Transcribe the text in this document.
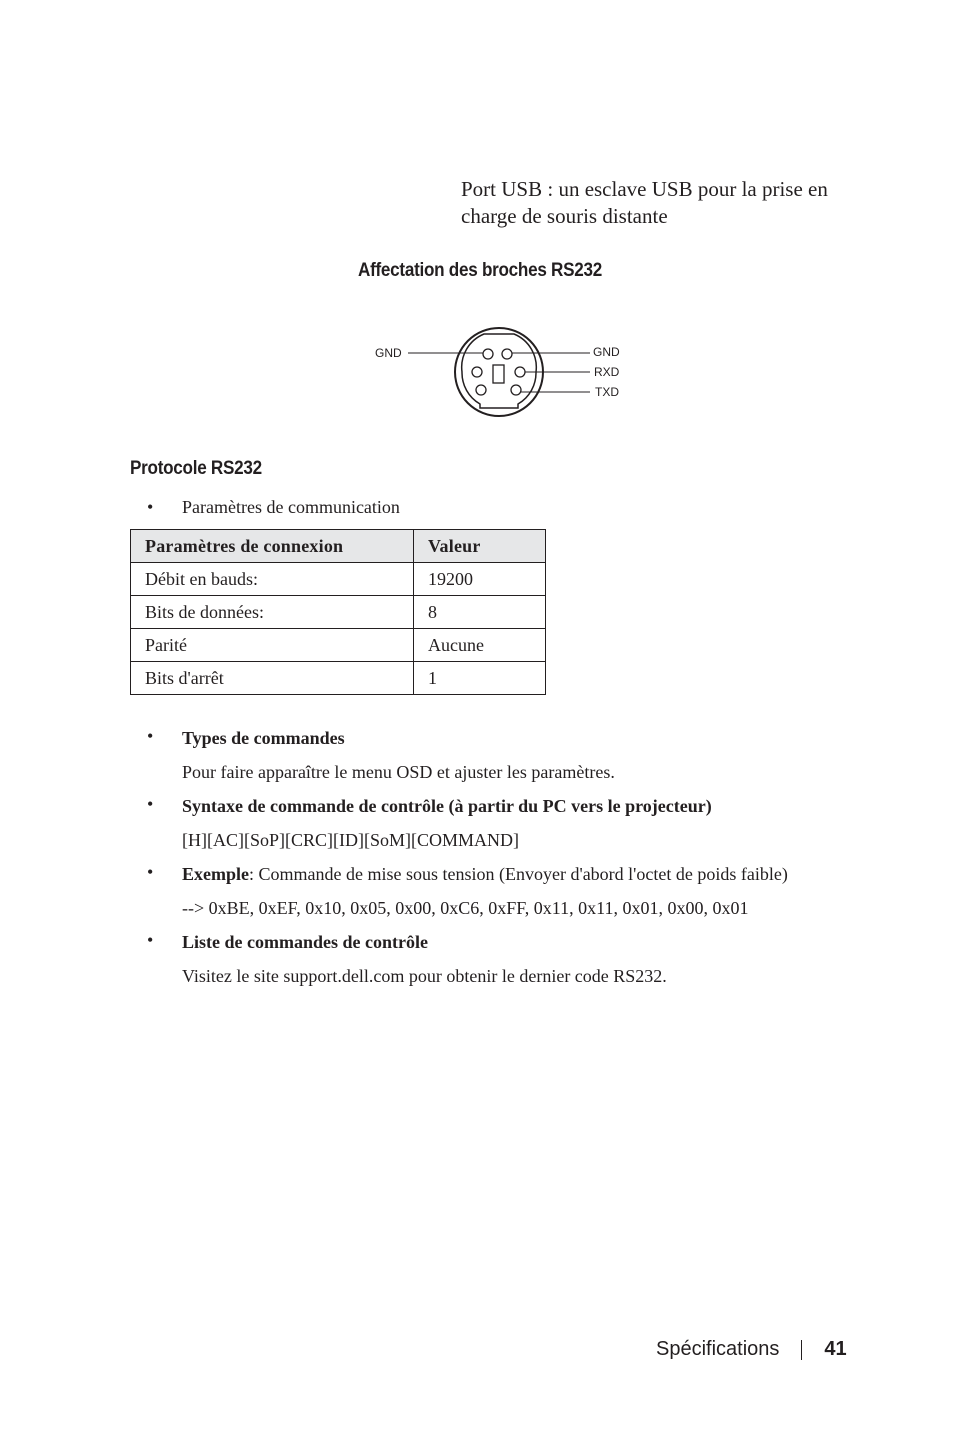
Port USB : un esclave USB pour la prise en charge de souris distante
Affectation des broches RS232
GND	GND
RXD
TXD
Protocole RS232
• Paramètres de communication
Paramètres de connexion	Valeur
Débit en bauds:	19200
Bits de données:	8
Parité	Aucune
Bits d'arrêt	1
• Types de commandes
Pour faire apparaître le menu OSD et ajuster les paramètres.
• Syntaxe de commande de contrôle (à partir du PC vers le projecteur)
[H][AC][SoP][CRC][ID][SoM][COMMAND]
• Exemple: Commande de mise sous tension (Envoyer d'abord l'octet de poids faible)
--> 0xBE, 0xEF, 0x10, 0x05, 0x00, 0xC6, 0xFF, 0x11, 0x11, 0x01, 0x00, 0x01
• Liste de commandes de contrôle
Visitez le site support.dell.com pour obtenir le dernier code RS232.
Spécifications 41
